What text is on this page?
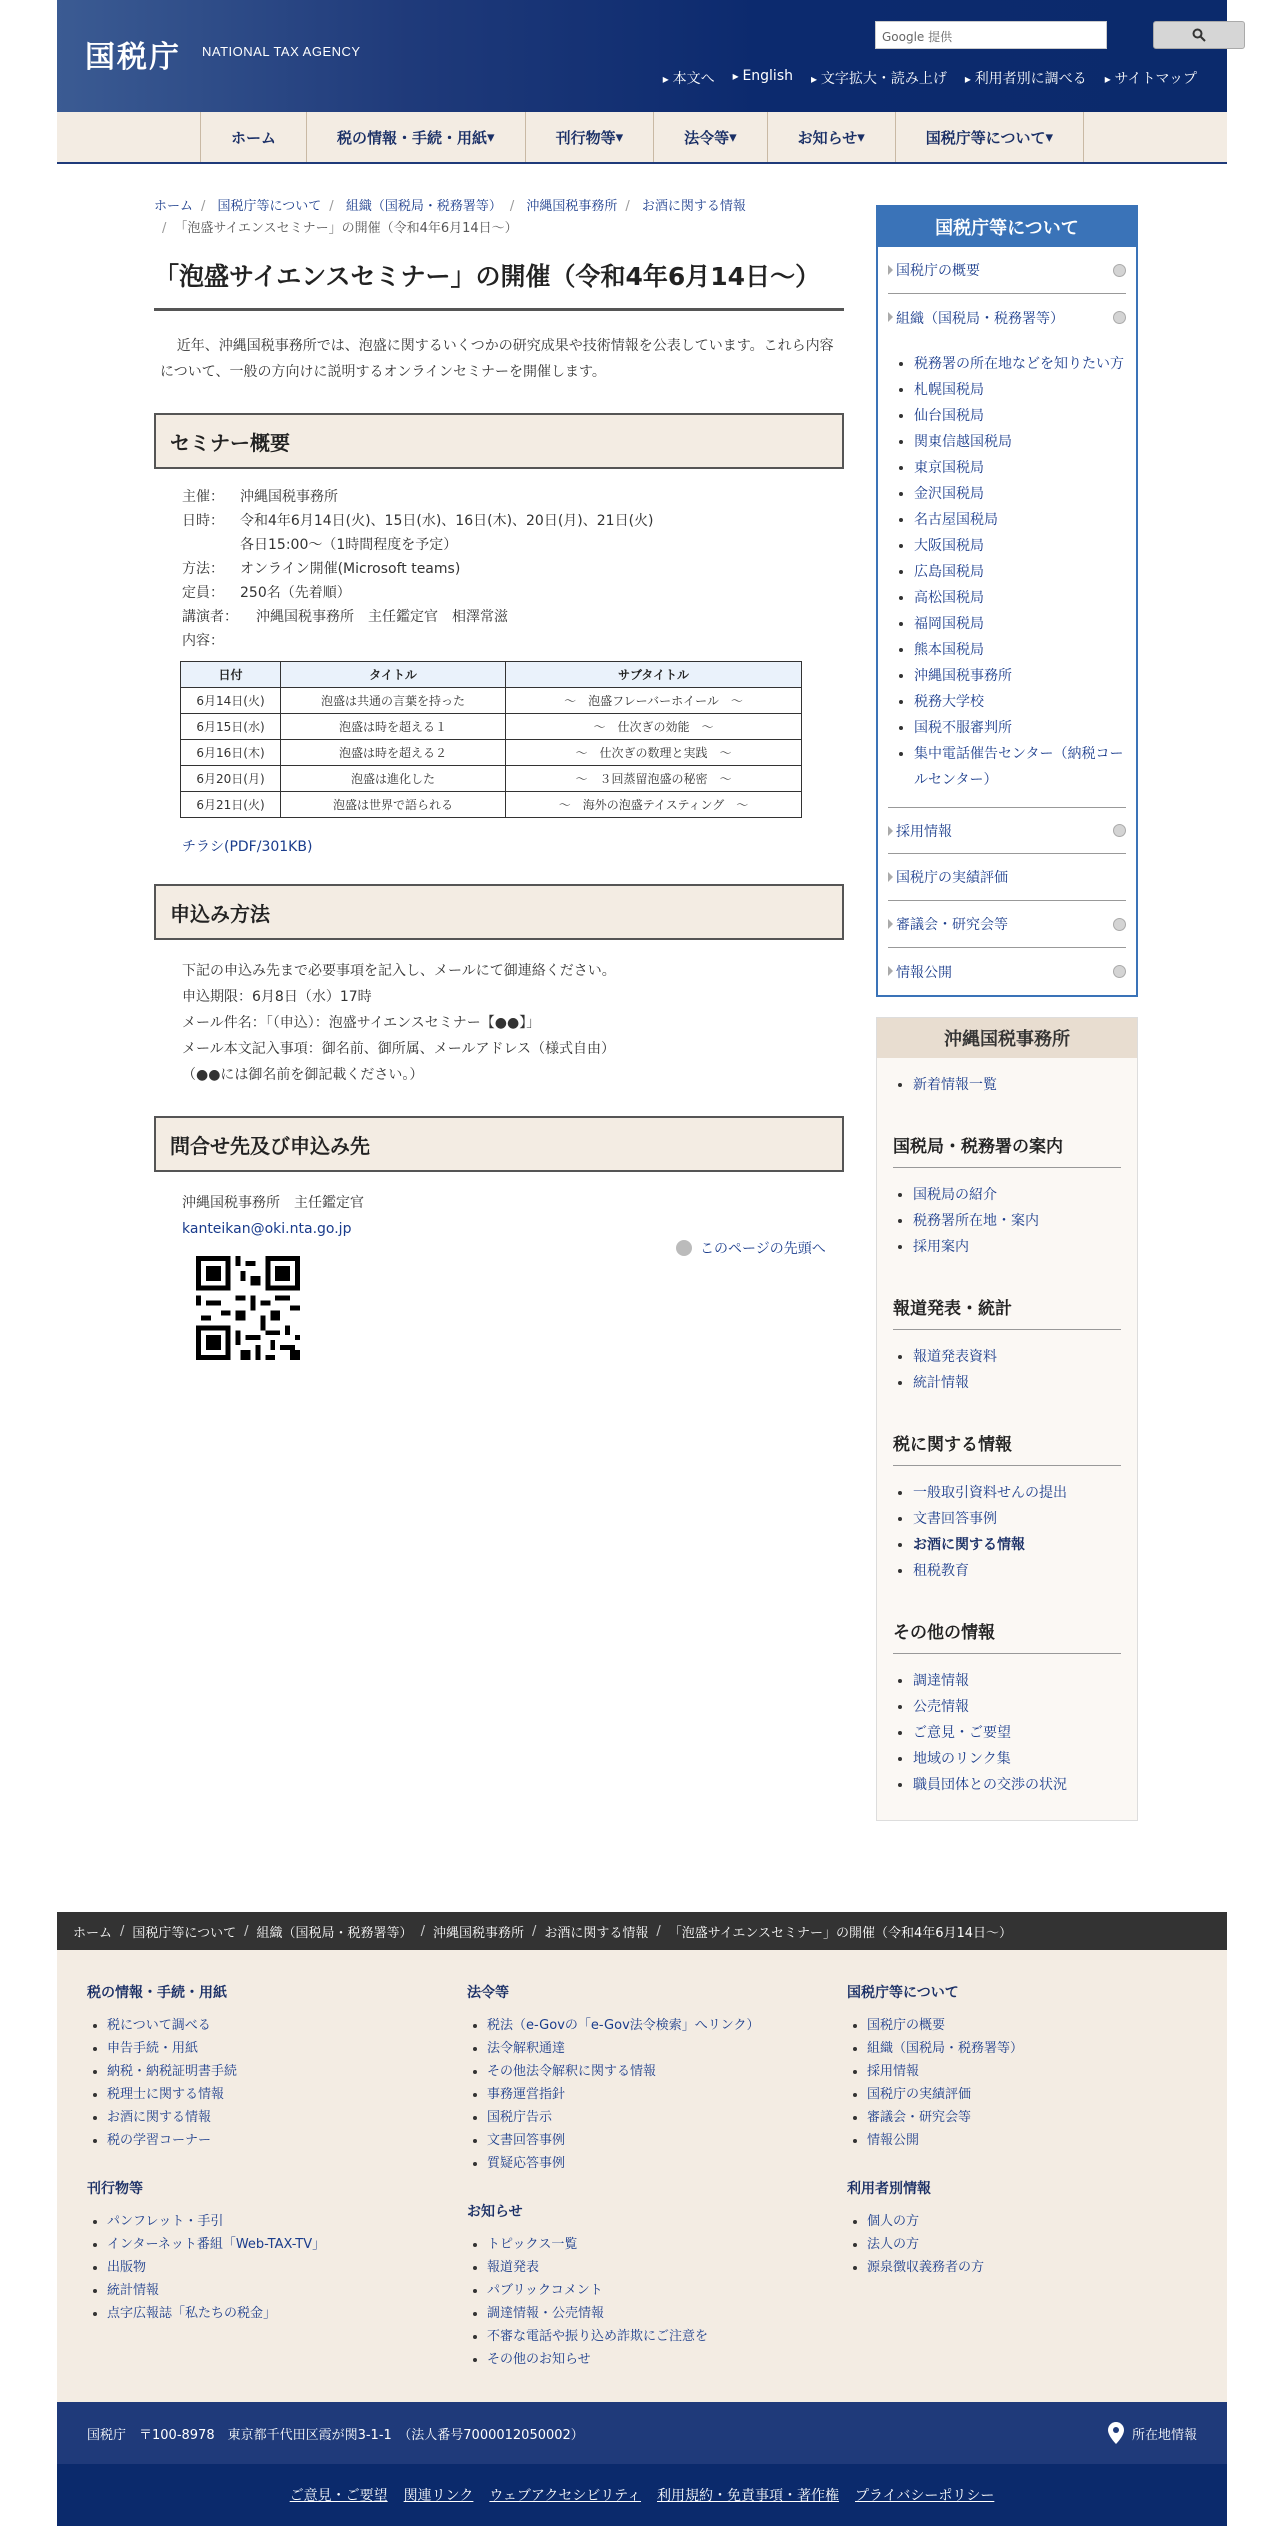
国税庁 NATIONAL TAX AGENCY
Google 提供
▸ 本文へ	▸ English	▸ 文字拡大・読み上げ	▸ 利用者別に調べる	▸ サイトマップ
ホーム	税の情報・手続・用紙 ▾	刊行物等 ▾	法令等 ▾	お知らせ ▾	国税庁等について ▾
ホーム / 国税庁等について / 組織（国税局・税務署等） / 沖縄国税事務所 / お酒に関する情報
/ 「泡盛サイエンスセミナー」の開催（令和4年6月14日～）
「泡盛サイエンスセミナー」の開催（令和4年6月14日～）

近年、沖縄国税事務所では、泡盛に関するいくつかの研究成果や技術情報を公表しています。これら内容について、一般の方向けに説明するオンラインセミナーを開催します。

セミナー概要
主催：	沖縄国税事務所
日時：	令和4年6月14日(火)、15日(水)、16日(木)、20日(月)、21日(火)
各日15:00～（1時間程度を予定）
方法：	オンライン開催(Microsoft teams)
定員：	250名（先着順）
講演者：	沖縄国税事務所　主任鑑定官　相澤常滋
内容：
日付	タイトル	サブタイトル
6月14日(火)	泡盛は共通の言葉を持った	～　泡盛フレーバーホイール　～
6月15日(水)	泡盛は時を超える１	～　仕次ぎの効能　～
6月16日(木)	泡盛は時を超える２	～　仕次ぎの数理と実践　～
6月20日(月)	泡盛は進化した	～　３回蒸留泡盛の秘密　～
6月21日(火)	泡盛は世界で語られる	～　海外の泡盛テイスティング　～
チラシ(PDF/301KB)
申込み方法
下記の申込み先まで必要事項を記入し、メールにて御連絡ください。
申込期限：6月8日（水）17時
メール件名：「（申込）：泡盛サイエンスセミナー【●●】」
メール本文記入事項：御名前、御所属、メールアドレス（様式自由）
（●●には御名前を御記載ください。）
問合せ先及び申込み先
沖縄国税事務所　主任鑑定官
kanteikan@oki.nta.go.jp
このページの先頭へ
国税庁等について
国税庁の概要
組織（国税局・税務署等）
• 税務署の所在地などを知りたい方
• 札幌国税局
• 仙台国税局
• 関東信越国税局
• 東京国税局
• 金沢国税局
• 名古屋国税局
• 大阪国税局
• 広島国税局
• 高松国税局
• 福岡国税局
• 熊本国税局
• 沖縄国税事務所
• 税務大学校
• 国税不服審判所
• 集中電話催告センター（納税コールセンター）
採用情報
国税庁の実績評価
審議会・研究会等
情報公開
沖縄国税事務所
• 新着情報一覧
国税局・税務署の案内
• 国税局の紹介
• 税務署所在地・案内
• 採用案内
報道発表・統計
• 報道発表資料
• 統計情報
税に関する情報
• 一般取引資料せんの提出
• 文書回答事例
• お酒に関する情報
• 租税教育
その他の情報
• 調達情報
• 公売情報
• ご意見・ご要望
• 地域のリンク集
• 職員団体との交渉の状況
ホーム / 国税庁等について / 組織（国税局・税務署等） / 沖縄国税事務所 / お酒に関する情報 / 「泡盛サイエンスセミナー」の開催（令和4年6月14日～）
税の情報・手続・用紙
• 税について調べる
• 申告手続・用紙
• 納税・納税証明書手続
• 税理士に関する情報
• お酒に関する情報
• 税の学習コーナー
刊行物等
• パンフレット・手引
• インターネット番組「Web-TAX-TV」
• 出版物
• 統計情報
• 点字広報誌「私たちの税金」
法令等
• 税法（e-Govの「e-Gov法令検索」へリンク）
• 法令解釈通達
• その他法令解釈に関する情報
• 事務運営指針
• 国税庁告示
• 文書回答事例
• 質疑応答事例
お知らせ
• トピックス一覧
• 報道発表
• パブリックコメント
• 調達情報・公売情報
• 不審な電話や振り込め詐欺にご注意を
• その他のお知らせ
国税庁等について
• 国税庁の概要
• 組織（国税局・税務署等）
• 採用情報
• 国税庁の実績評価
• 審議会・研究会等
• 情報公開
利用者別情報
• 個人の方
• 法人の方
• 源泉徴収義務者の方
国税庁　〒100-8978　東京都千代田区霞が関3-1-1　（法人番号7000012050002）	所在地情報
ご意見・ご要望 関連リンク ウェブアクセシビリティ 利用規約・免責事項・著作権 プライバシーポリシー
